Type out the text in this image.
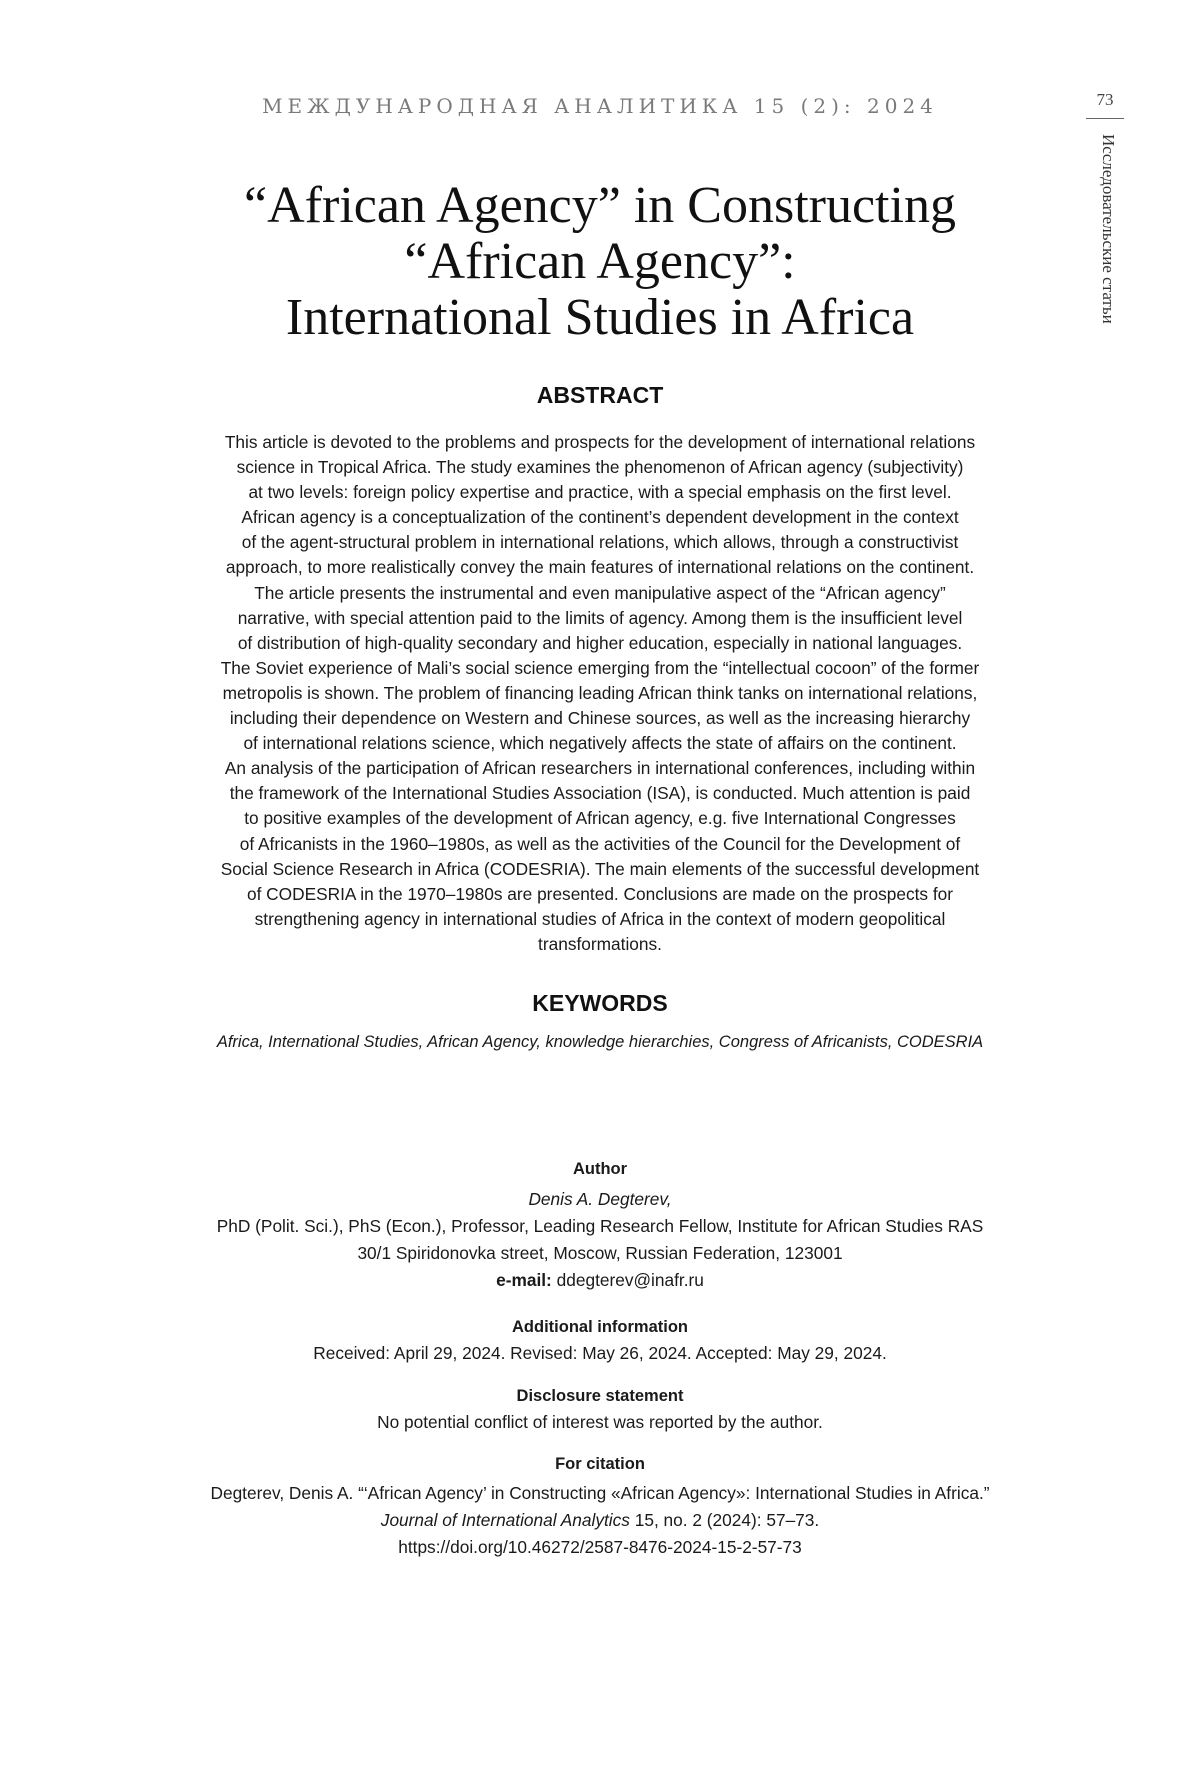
МЕЖДУНАРОДНАЯ АНАЛИТИКА 15 (2): 2024	73
Исследовательские статьи
“African Agency” in Constructing
“African Agency”:
International Studies in Africa
ABSTRACT
This article is devoted to the problems and prospects for the development of international relations
science in Tropical Africa. The study examines the phenomenon of African agency (subjectivity)
at two levels: foreign policy expertise and practice, with a special emphasis on the first level.
African agency is a conceptualization of the continent’s dependent development in the context
of the agent-structural problem in international relations, which allows, through a constructivist
approach, to more realistically convey the main features of international relations on the continent.
The article presents the instrumental and even manipulative aspect of the “African agency”
narrative, with special attention paid to the limits of agency. Among them is the insufficient level
of distribution of high-quality secondary and higher education, especially in national languages.
The Soviet experience of Mali’s social science emerging from the “intellectual cocoon” of the former
metropolis is shown. The problem of financing leading African think tanks on international relations,
including their dependence on Western and Chinese sources, as well as the increasing hierarchy
of international relations science, which negatively affects the state of affairs on the continent.
An analysis of the participation of African researchers in international conferences, including within
the framework of the International Studies Association (ISA), is conducted. Much attention is paid
to positive examples of the development of African agency, e.g. five International Congresses
of Africanists in the 1960–1980s, as well as the activities of the Council for the Development of
Social Science Research in Africa (CODESRIA). The main elements of the successful development
of CODESRIA in the 1970–1980s are presented. Conclusions are made on the prospects for
strengthening agency in international studies of Africa in the context of modern geopolitical
transformations.
KEYWORDS
Africa, International Studies, African Agency, knowledge hierarchies, Congress of Africanists, CODESRIA
Author
Denis A. Degterev,
PhD (Polit. Sci.), PhS (Econ.), Professor, Leading Research Fellow, Institute for African Studies RAS
30/1 Spiridonovka street, Moscow, Russian Federation, 123001
e-mail: ddegterev@inafr.ru
Additional information
Received: April 29, 2024. Revised: May 26, 2024. Accepted: May 29, 2024.
Disclosure statement
No potential conflict of interest was reported by the author.
For citation
Degterev, Denis A. “‘African Agency’ in Constructing «African Agency»: International Studies in Africa.”
Journal of International Analytics 15, no. 2 (2024): 57–73.
https://doi.org/10.46272/2587-8476-2024-15-2-57-73
